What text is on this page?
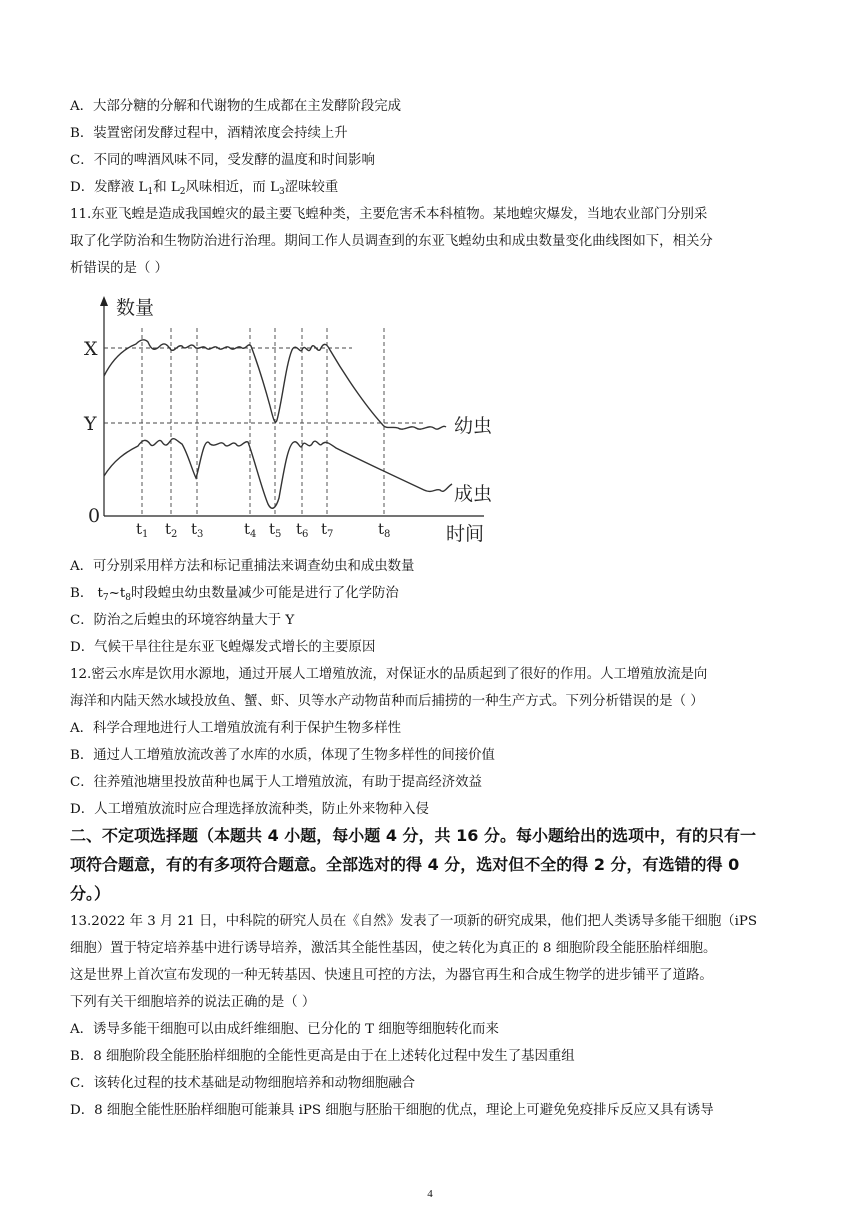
A．大部分糖的分解和代谢物的生成都在主发酵阶段完成
B．装置密闭发酵过程中，酒精浓度会持续上升
C．不同的啤酒风味不同，受发酵的温度和时间影响
D．发酵液 $L_1$和 $L_2$风味相近，而 $L_3$涩味较重
11.东亚飞蝗是造成我国蝗灾的最主要飞蝗种类，主要危害禾本科植物。某地蝗灾爆发，当地农业部门分别采
取了化学防治和生物防治进行治理。期间工作人员调查到的东亚飞蝗幼虫和成虫数量变化曲线图如下，相关分
析错误的是（ ）
数量
时间
X
Y
0
$t_1$ $t_2$ $t_3$	$t_4$ $t_5$ $t_6$ $t_7$	$t_8$
幼虫
成虫
A．可分别采用样方法和标记重捕法来调查幼虫和成虫数量
B． $t_7\sim t_8$时段蝗虫幼虫数量减少可能是进行了化学防治
C．防治之后蝗虫的环境容纳量大于 Y
D．气候干旱往往是东亚飞蝗爆发式增长的主要原因
12.密云水库是饮用水源地，通过开展人工增殖放流，对保证水的品质起到了很好的作用。人工增殖放流是向
海洋和内陆天然水域投放鱼、蟹、虾、贝等水产动物苗种而后捕捞的一种生产方式。下列分析错误的是（ ）
A．科学合理地进行人工增殖放流有利于保护生物多样性
B．通过人工增殖放流改善了水库的水质，体现了生物多样性的间接价值
C．往养殖池塘里投放苗种也属于人工增殖放流，有助于提高经济效益
D．人工增殖放流时应合理选择放流种类，防止外来物种入侵
二、不定项选择题（本题共 4 小题，每小题 4 分，共 16 分。每小题给出的选项中，有的只有一
项符合题意，有的有多项符合题意。全部选对的得 4 分，选对但不全的得 2 分，有选错的得 0
分。）
13.2022 年 3 月 21 日，中科院的研究人员在《自然》发表了一项新的研究成果，他们把人类诱导多能干细胞（iPS
细胞）置于特定培养基中进行诱导培养，激活其全能性基因，使之转化为真正的 8 细胞阶段全能胚胎样细胞。
这是世界上首次宣布发现的一种无转基因、快速且可控的方法，为器官再生和合成生物学的进步铺平了道路。
下列有关干细胞培养的说法正确的是（ ）
A．诱导多能干细胞可以由成纤维细胞、已分化的 T 细胞等细胞转化而来
B．8 细胞阶段全能胚胎样细胞的全能性更高是由于在上述转化过程中发生了基因重组
C．该转化过程的技术基础是动物细胞培养和动物细胞融合
D．8 细胞全能性胚胎样细胞可能兼具 iPS 细胞与胚胎干细胞的优点，理论上可避免免疫排斥反应又具有诱导
4
